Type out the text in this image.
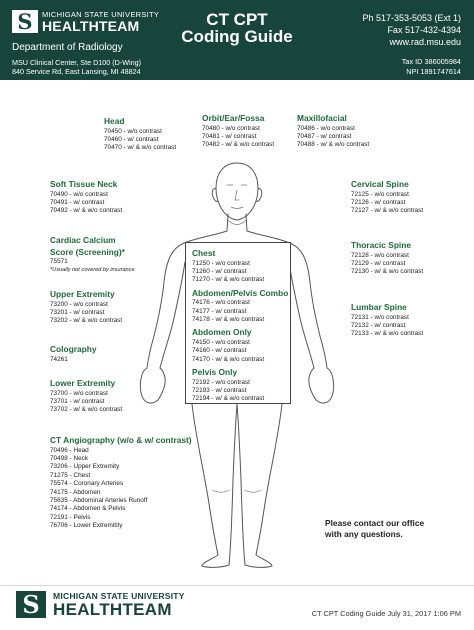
S	MICHIGAN STATE UNIVERSITY
HEALTHTEAM
Department of Radiology
MSU Clinical Center, Ste D100 (D-Wing)
840 Service Rd, East Lansing, MI 48824
CT CPT
Coding Guide
Ph 517-353-5053 (Ext 1)
Fax 517-432-4394
www.rad.msu.edu
Tax ID 386005984
NPI 1891747614
Head
70450 - w/o contrast
70460 - w/ contrast
70470 - w/ & w/o contrast
Orbit/Ear/Fossa
70480 - w/o contrast
70481 - w/ contrast
70482 - w/ & w/o contrast
Maxillofacial
70486 - w/o contrast
70487 - w/ contrast
70488 - w/ & w/o contrast
Soft Tissue Neck
70490 - w/o contrast
70491 - w/ contrast
70492 - w/ & w/o contrast
Cervical Spine
72125 - w/o contrast
72126 - w/ contrast
72127 - w/ & w/o contrast
Cardiac Calcium
Score (Screening)*
75571
*Usually not covered by insurance
Thoracic Spine
72128 - w/o contrast
72129 - w/ contrast
72130 - w/ & w/o contrast
Upper Extremity
73200 - w/o contrast
73201 - w/ contrast
73202 - w/ & w/o contrast
Lumbar Spine
72131 - w/o contrast
72132 - w/ contrast
72133 - w/ & w/o contrast
Colography
74261
Lower Extremity
73700 - w/o contrast
73701 - w/ contrast
73702 - w/ & w/o contrast
Chest
71250 - w/o contrast
71260 - w/ contrast
71270 - w/ & w/o contrast
Abdomen/Pelvis Combo
74176 - w/o contrast
74177 - w/ contrast
74178 - w/ & w/o contrast
Abdomen Only
74150 - w/o contrast
74160 - w/ contrast
74170 - w/ & w/o contrast
Pelvis Only
72192 - w/o contrast
72193 - w/ contrast
72194 - w/ & w/o contrast
CT Angiography (w/o & w/ contrast)
70496 - Head
70498 - Neck
73206 - Upper Extremity
71275 - Chest
75574 - Coronary Arteries
74175 - Abdomen
75635 - Abdominal Arteries Runoff
74174 - Abdomen & Pelvis
72191 - Pelvis
76706 - Lower Extremitity	Please contact our office
with any questions.
S	MICHIGAN STATE UNIVERSITY
HEALTHTEAM	CT CPT Coding Guide July 31, 2017 1:06 PM
